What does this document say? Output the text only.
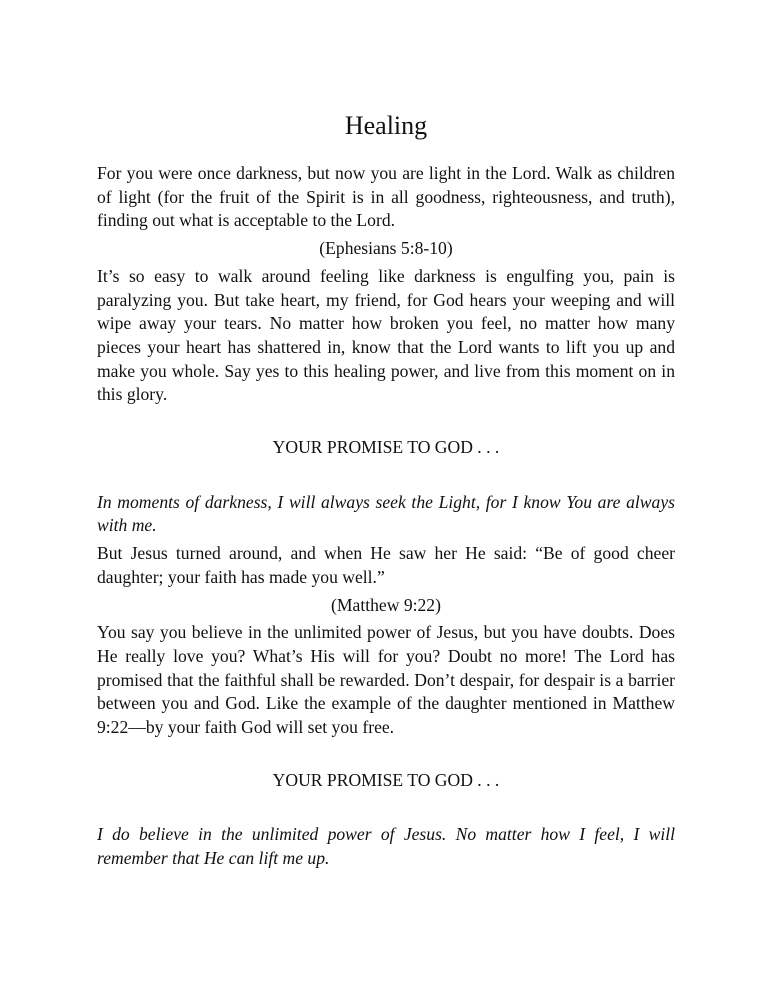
Healing

For you were once darkness, but now you are light in the Lord. Walk as children of light (for the fruit of the Spirit is in all goodness, righteousness, and truth), finding out what is acceptable to the Lord.

(Ephesians 5:8-10)

It’s so easy to walk around feeling like darkness is engulfing you, pain is paralyzing you. But take heart, my friend, for God hears your weeping and will wipe away your tears. No matter how broken you feel, no matter how many pieces your heart has shattered in, know that the Lord wants to lift you up and make you whole. Say yes to this healing power, and live from this moment on in this glory.

YOUR PROMISE TO GOD . . .

In moments of darkness, I will always seek the Light, for I know You are always with me.

But Jesus turned around, and when He saw her He said: “Be of good cheer daughter; your faith has made you well.”

(Matthew 9:22)

You say you believe in the unlimited power of Jesus, but you have doubts. Does He really love you? What’s His will for you? Doubt no more! The Lord has promised that the faithful shall be rewarded. Don’t despair, for despair is a barrier between you and God. Like the example of the daughter mentioned in Matthew 9:22—by your faith God will set you free.

YOUR PROMISE TO GOD . . .

I do believe in the unlimited power of Jesus. No matter how I feel, I will remember that He can lift me up.
